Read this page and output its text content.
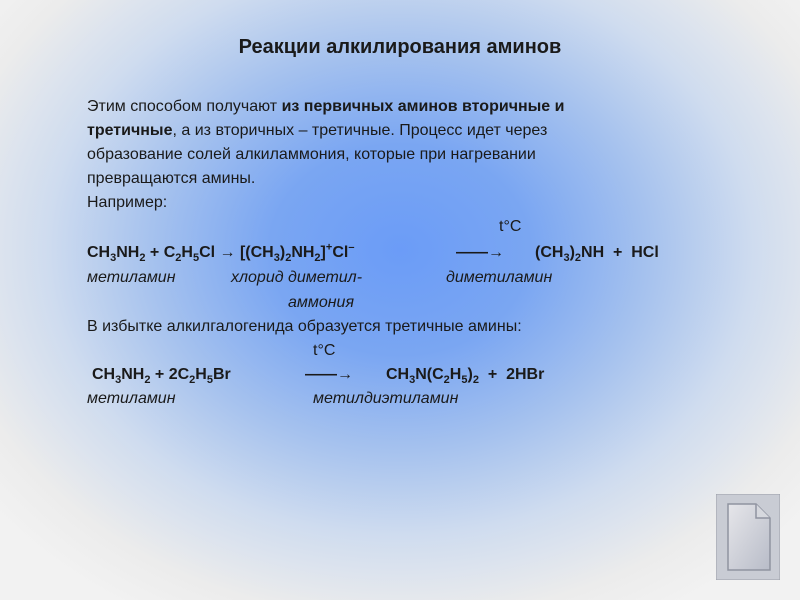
Реакции алкилирования аминов
Этим способом получают из первичных аминов вторичные и
третичные, а из вторичных – третичные. Процесс идет через
образование солей алкиламмония, которые при нагревании
превращаются амины.
Например:
t°C
$CH_3NH_2 + C_2H_5Cl \to [(CH_3)_2NH_2]^+Cl^-$	——→ $(CH_3)_2NH$ + HCl
метиламин	хлорид диметил-	диметиламин
аммония
В избытке алкилгалогенида образуется третичные амины:
t°C
$CH_3NH_2 + 2C_2H_5Br$	——→ $CH_3N(C_2H_5)_2 + 2HBr$
метиламин	метилдиэтиламин
